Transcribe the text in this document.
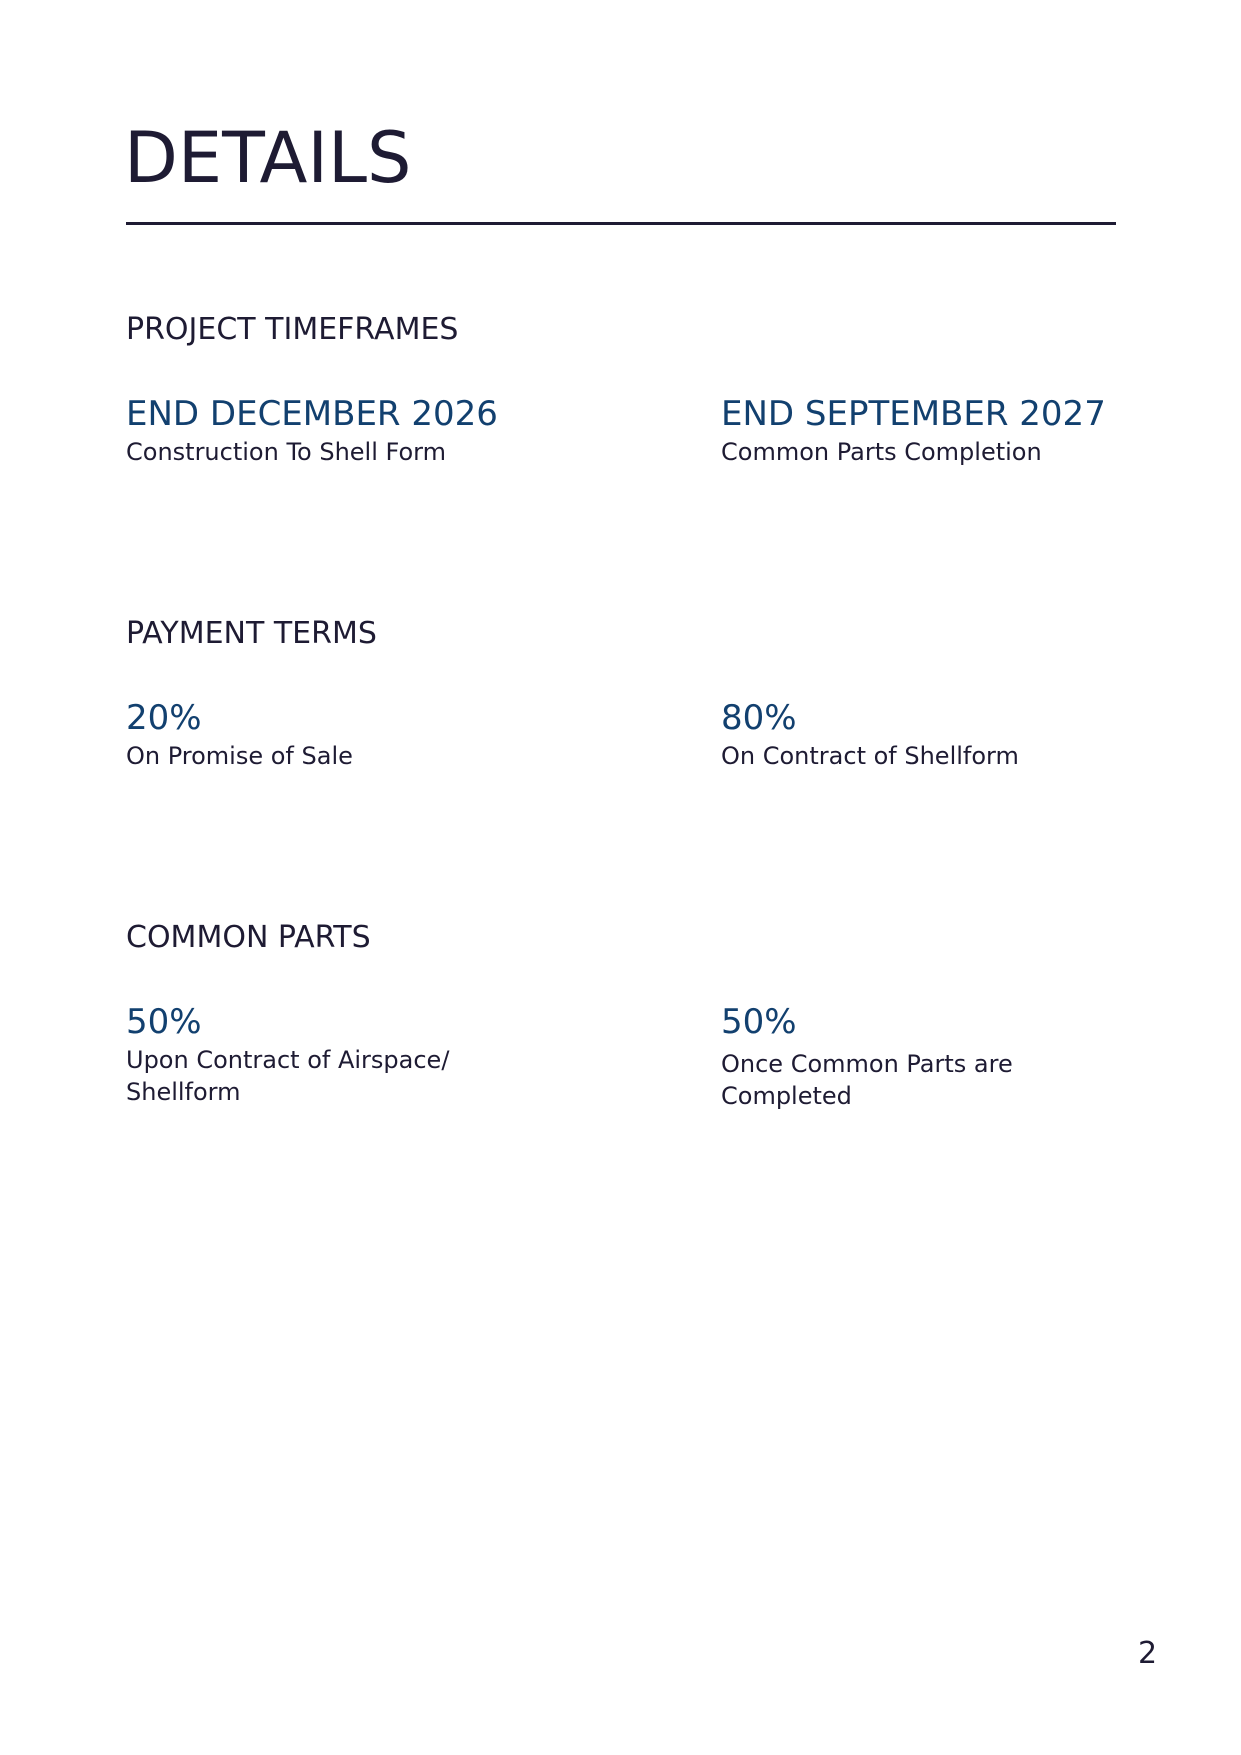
DETAILS
PROJECT TIMEFRAMES
END DECEMBER 2026
Construction To Shell Form
END SEPTEMBER 2027
Common Parts Completion
PAYMENT TERMS
20%
On Promise of Sale
80%
On Contract of Shellform
COMMON PARTS
50%
Upon Contract of Airspace/ Shellform
50%
Once Common Parts are Completed
2
